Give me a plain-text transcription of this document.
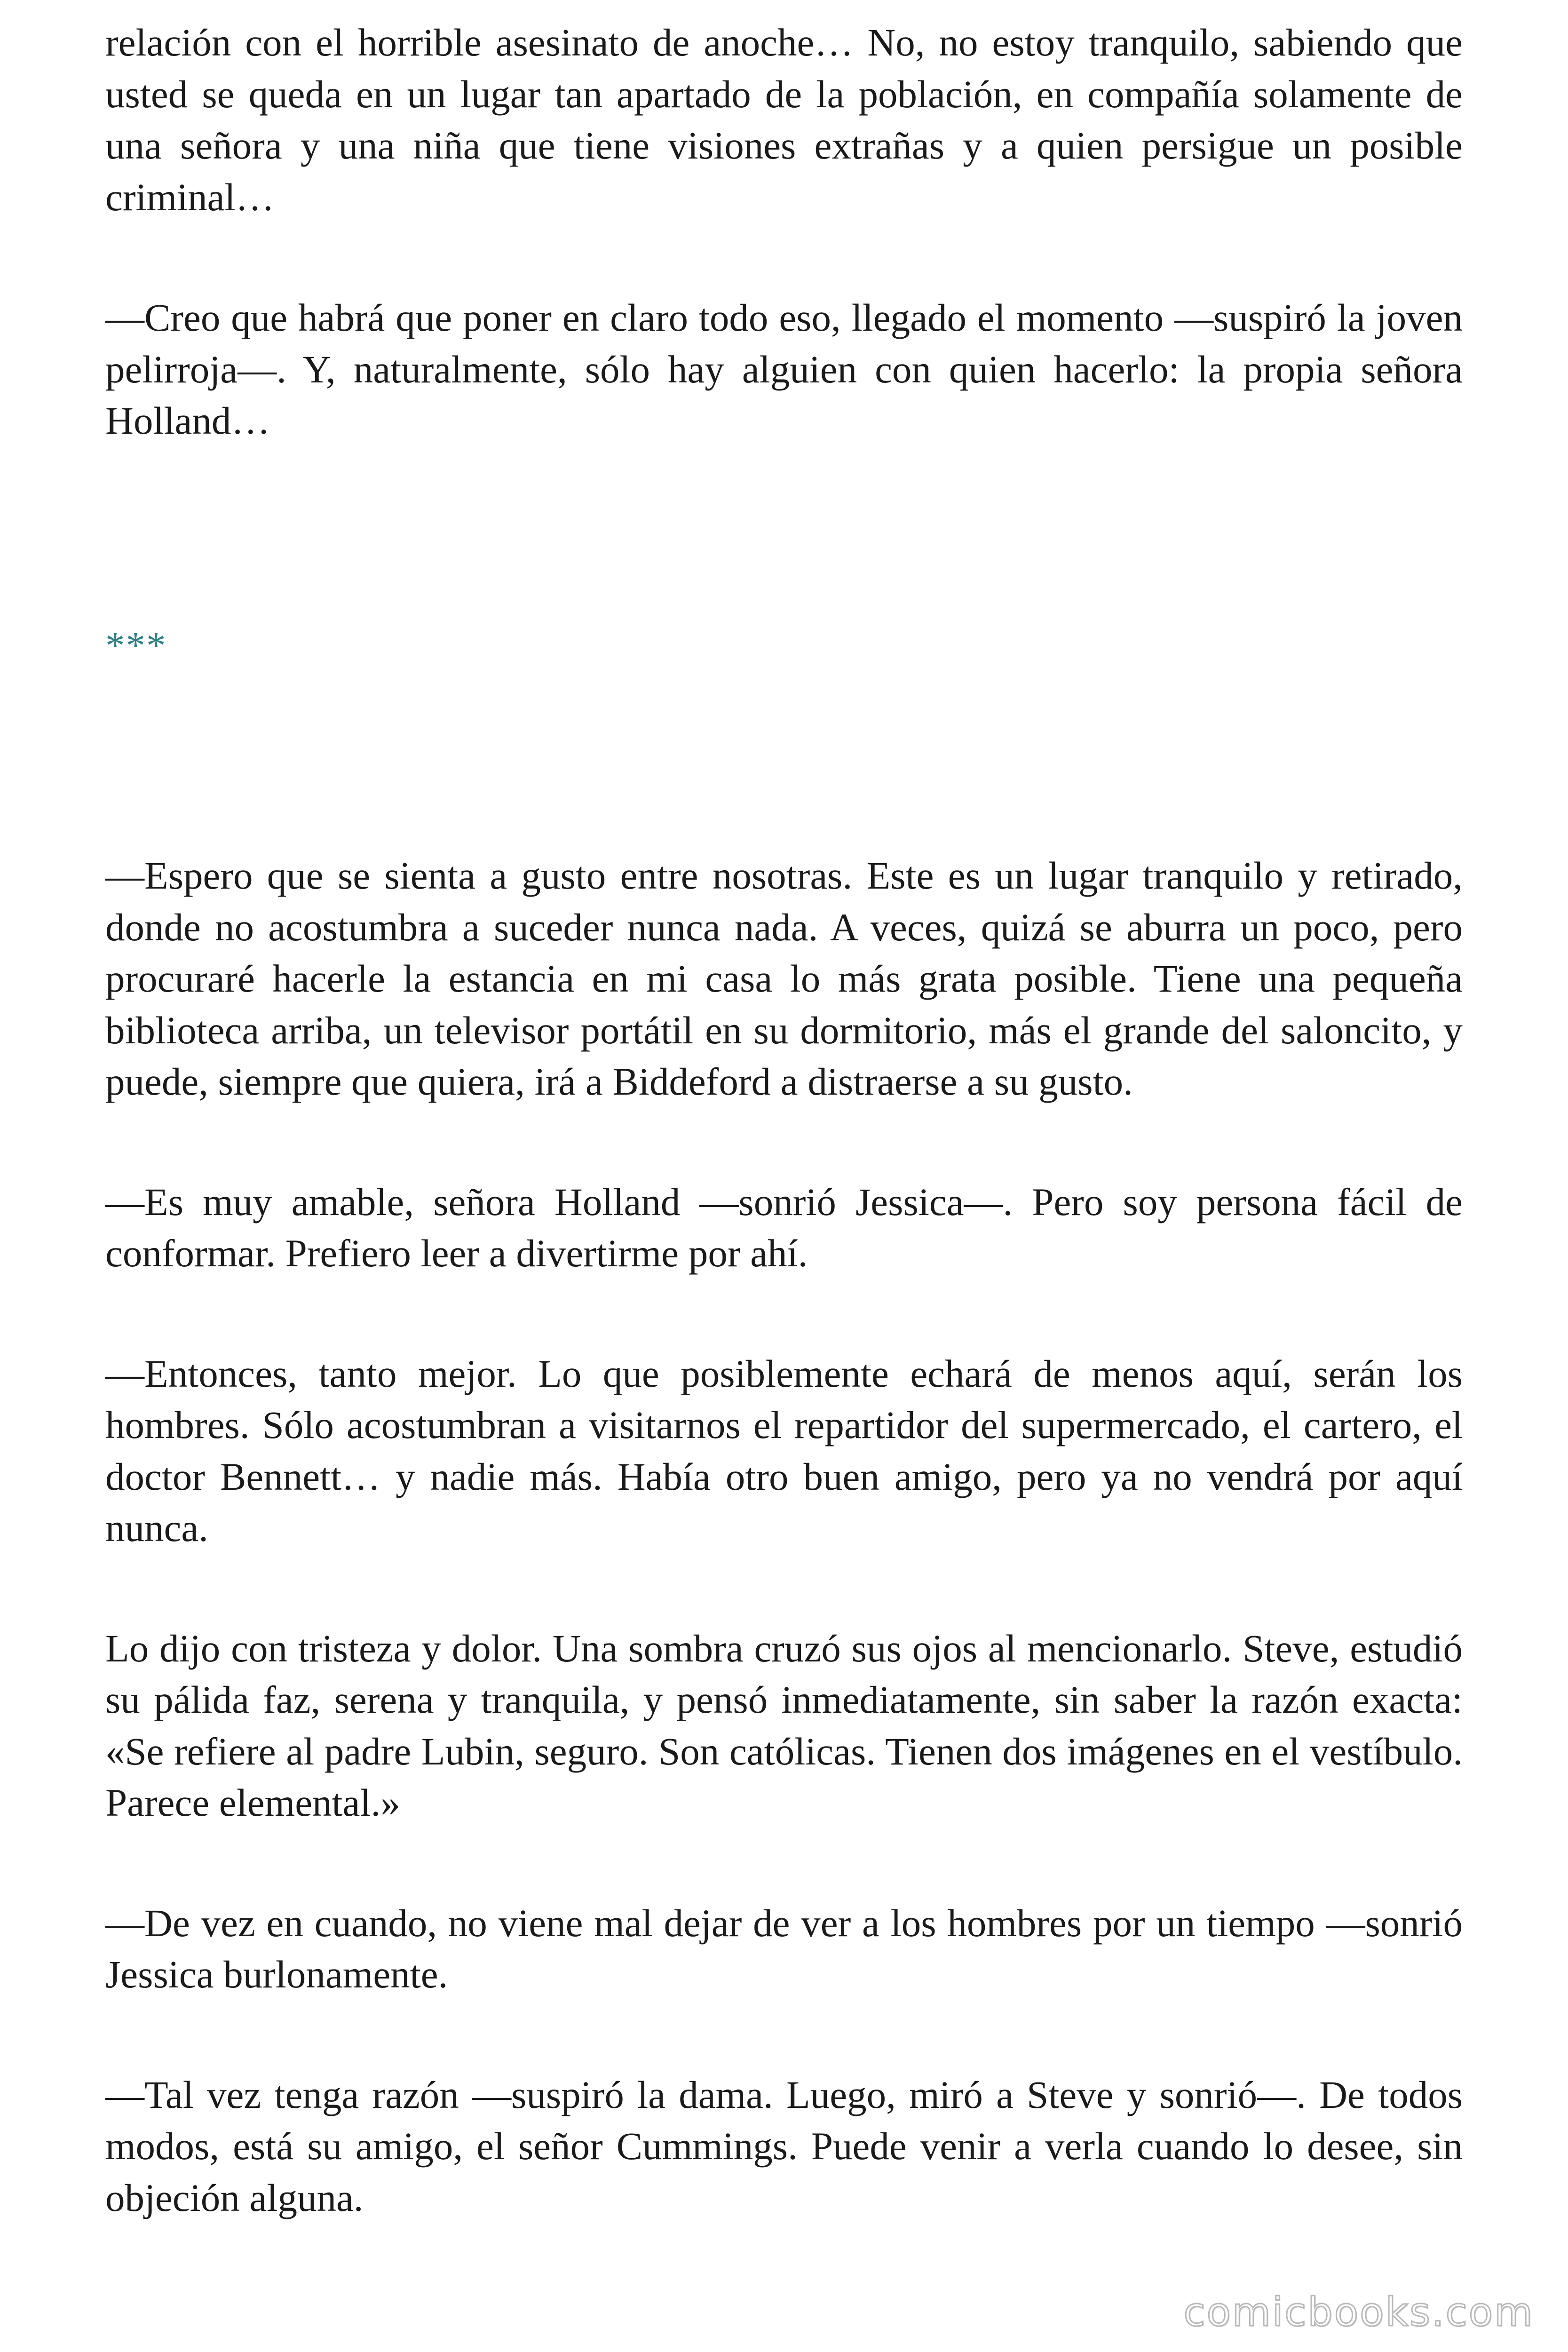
relación con el horrible asesinato de anoche… No, no estoy tranquilo, sabiendo que usted se queda en un lugar tan apartado de la población, en compañía solamente de una señora y una niña que tiene visiones extrañas y a quien persigue un posible criminal…

—Creo que habrá que poner en claro todo eso, llegado el momento —suspiró la joven pelirroja—. Y, naturalmente, sólo hay alguien con quien hacerlo: la propia señora Holland…

***

—Espero que se sienta a gusto entre nosotras. Este es un lugar tranquilo y retirado, donde no acostumbra a suceder nunca nada. A veces, quizá se aburra un poco, pero procuraré hacerle la estancia en mi casa lo más grata posible. Tiene una pequeña biblioteca arriba, un televisor portátil en su dormitorio, más el grande del saloncito, y puede, siempre que quiera, irá a Biddeford a distraerse a su gusto.

—Es muy amable, señora Holland —sonrió Jessica—. Pero soy persona fácil de conformar. Prefiero leer a divertirme por ahí.

—Entonces, tanto mejor. Lo que posiblemente echará de menos aquí, serán los hombres. Sólo acostumbran a visitarnos el repartidor del supermercado, el cartero, el doctor Bennett… y nadie más. Había otro buen amigo, pero ya no vendrá por aquí nunca.

Lo dijo con tristeza y dolor. Una sombra cruzó sus ojos al mencionarlo. Steve, estudió su pálida faz, serena y tranquila, y pensó inmediatamente, sin saber la razón exacta: «Se refiere al padre Lubin, seguro. Son católicas. Tienen dos imágenes en el vestíbulo. Parece elemental.»

—De vez en cuando, no viene mal dejar de ver a los hombres por un tiempo —sonrió Jessica burlonamente.

—Tal vez tenga razón —suspiró la dama. Luego, miró a Steve y sonrió—. De todos modos, está su amigo, el señor Cummings. Puede venir a verla cuando lo desee, sin objeción alguna.

comicbooks.com
